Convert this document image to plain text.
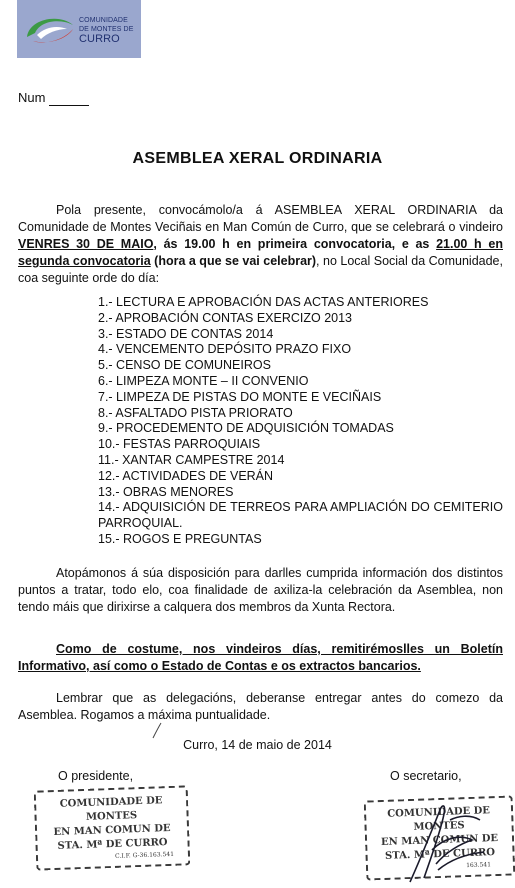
COMUNIDADE
DE MONTES DE
CURRO
Num
ASEMBLEA XERAL ORDINARIA
Pola presente, convocámolo/a á ASEMBLEA XERAL ORDINARIA da Comunidade de Montes Veciñais en Man Común de Curro, que se celebrará o vindeiro VENRES 30 DE MAIO, ás 19.00 h en primeira convocatoria, e as 21.00 h en segunda convocatoria (hora a que se vai celebrar), no Local Social da Comunidade, coa seguinte orde do día:
1.- LECTURA E APROBACIÓN DAS ACTAS ANTERIORES
2.- APROBACIÓN CONTAS EXERCIZO 2013
3.- ESTADO DE CONTAS 2014
4.- VENCEMENTO DEPÓSITO PRAZO FIXO
5.- CENSO DE COMUNEIROS
6.- LIMPEZA MONTE – II CONVENIO
7.- LIMPEZA DE PISTAS DO MONTE E VECIÑAIS
8.- ASFALTADO PISTA PRIORATO
9.- PROCEDEMENTO DE ADQUISICIÓN TOMADAS
10.- FESTAS PARROQUIAIS
11.- XANTAR CAMPESTRE 2014
12.- ACTIVIDADES DE VERÁN
13.- OBRAS MENORES
14.- ADQUISICIÓN DE TERREOS PARA AMPLIACIÓN DO CEMITERIO PARROQUIAL.
15.- ROGOS E PREGUNTAS
Atopámonos á súa disposición para darlles cumprida información dos distintos puntos a tratar, todo elo, coa finalidade de axiliza-la celebración da Asemblea, non tendo máis que dirixirse a calquera dos membros da Xunta Rectora.
Como de costume, nos vindeiros días, remitirémoslles un Boletín Informativo, así como o Estado de Contas e os extractos bancarios.
Lembrar que as delegacións, deberanse entregar antes do comezo da Asemblea. Rogamos a máxima puntualidade.
Curro, 14 de maio de 2014
O presidente,	O secretario,
COMUNIDADE DE MONTES
EN MAN COMUN DE
STA. Mª DE CURRO
C.I.F. G-36.163.541
COMUNIDADE DE MONTES
EN MAN COMUN DE
STA. Mª DE CURRO
163.541
